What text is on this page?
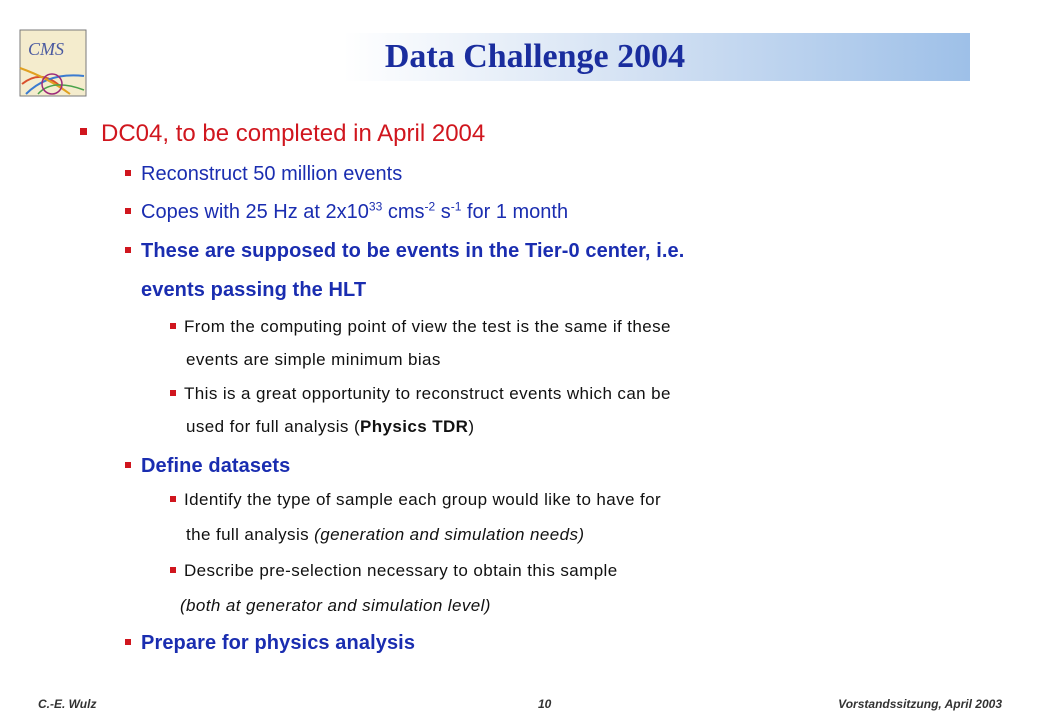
CMS	Data Challenge 2004
DC04, to be completed in April 2004
Reconstruct 50 million events
Copes with 25 Hz at $2x10^{33}$ cms$^{-2}$ $s^{-1}$ for 1 month
These are supposed to be events in the Tier-0 center, i.e.
events passing the HLT
From the computing point of view the test is the same if these
events are simple minimum bias
This is a great opportunity to reconstruct events which can be
used for full analysis (Physics TDR)
Define datasets
Identify the type of sample each group would like to have for
the full analysis (generation and simulation needs)
Describe pre-selection necessary to obtain this sample
(both at generator and simulation level)
Prepare for physics analysis
C.-E. Wulz	10	Vorstandssitzung, April 2003
